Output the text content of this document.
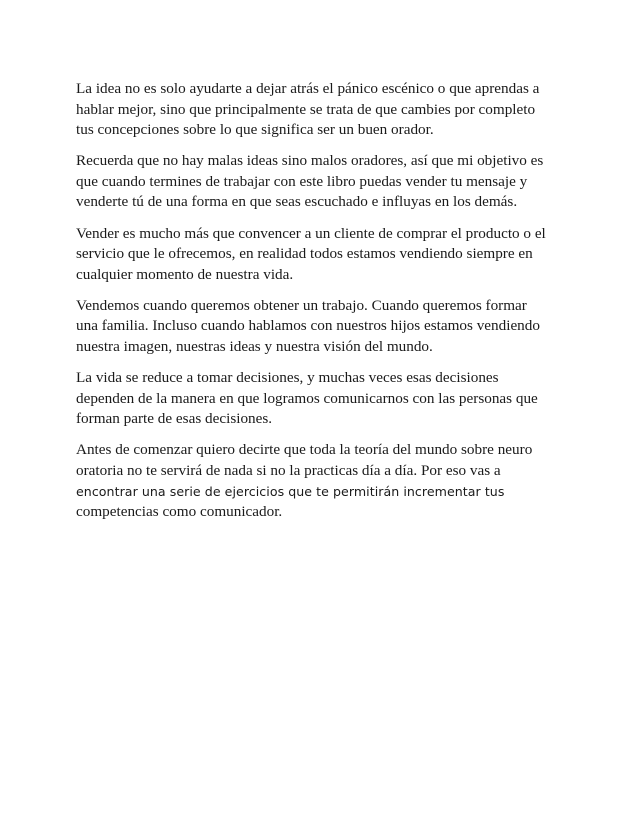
La idea no es solo ayudarte a dejar atrás el pánico escénico o que aprendas a
hablar mejor, sino que principalmente se trata de que cambies por completo
tus concepciones sobre lo que significa ser un buen orador.

Recuerda que no hay malas ideas sino malos oradores, así que mi objetivo es
que cuando termines de trabajar con este libro puedas vender tu mensaje y
venderte tú de una forma en que seas escuchado e influyas en los demás.

Vender es mucho más que convencer a un cliente de comprar el producto o el
servicio que le ofrecemos, en realidad todos estamos vendiendo siempre en
cualquier momento de nuestra vida.

Vendemos cuando queremos obtener un trabajo. Cuando queremos formar
una familia. Incluso cuando hablamos con nuestros hijos estamos vendiendo
nuestra imagen, nuestras ideas y nuestra visión del mundo.

La vida se reduce a tomar decisiones, y muchas veces esas decisiones
dependen de la manera en que logramos comunicarnos con las personas que
forman parte de esas decisiones.

Antes de comenzar quiero decirte que toda la teoría del mundo sobre neuro
oratoria no te servirá de nada si no la practicas día a día. Por eso vas a
encontrar una serie de ejercicios que te permitirán incrementar tus
competencias como comunicador.
